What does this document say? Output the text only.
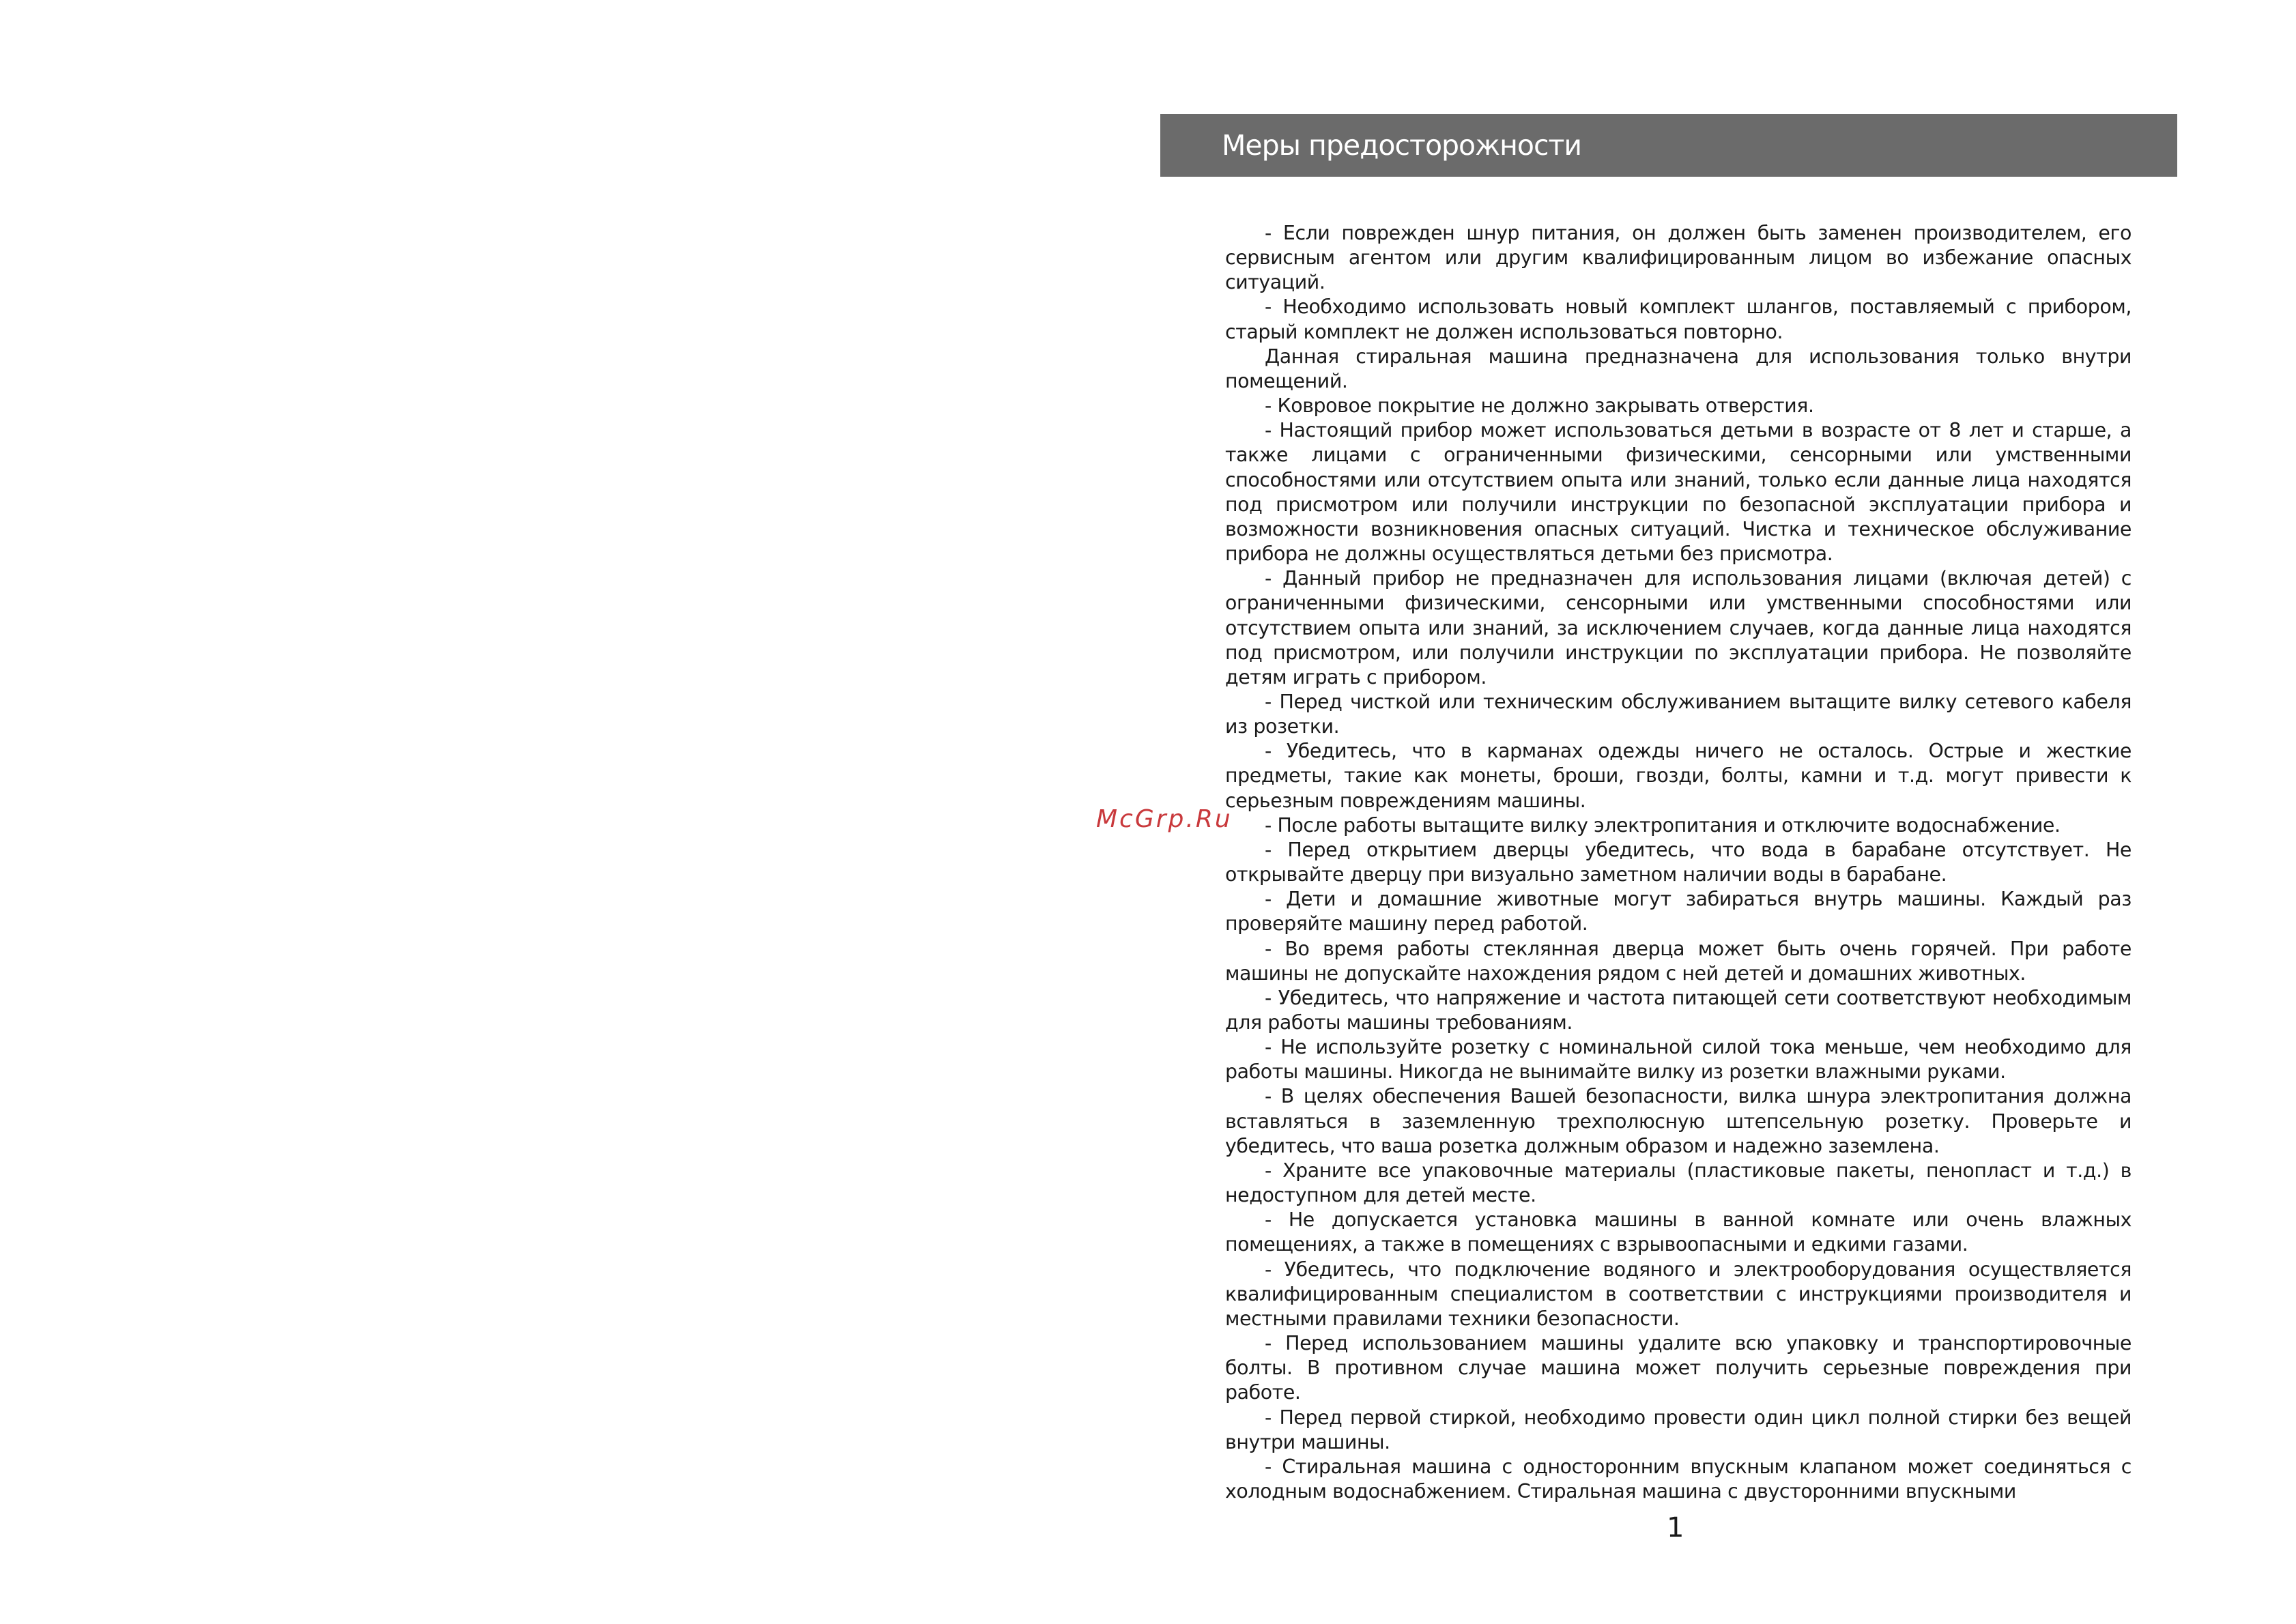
Меры предосторожности
McGrp.Ru

- Если поврежден шнур питания, он должен быть заменен производителем, его сервисным агентом или другим квалифицированным лицом во избежание опасных ситуаций.

- Необходимо использовать новый комплект шлангов, поставляемый с прибором, старый комплект не должен использоваться повторно.

Данная стиральная машина предназначена для использования только внутри помещений.

- Ковровое покрытие не должно закрывать отверстия.

- Настоящий прибор может использоваться детьми в возрасте от 8 лет и старше, а также лицами с ограниченными физическими, сенсорными или умственными способностями или отсутствием опыта или знаний, только если данные лица находятся под присмотром или получили инструкции по безопасной эксплуатации прибора и возможности возникновения опасных ситуаций. Чистка и техническое обслуживание прибора не должны осуществляться детьми без присмотра.

- Данный прибор не предназначен для использования лицами (включая детей) с ограниченными физическими, сенсорными или умственными способностями или отсутствием опыта или знаний, за исключением случаев, когда данные лица находятся под присмотром, или получили инструкции по эксплуатации прибора. Не позволяйте детям играть с прибором.

- Перед чисткой или техническим обслуживанием вытащите вилку сетевого кабеля из розетки.

- Убедитесь, что в карманах одежды ничего не осталось. Острые и жесткие предметы, такие как монеты, броши, гвозди, болты, камни и т.д. могут привести к серьезным повреждениям машины.

- После работы вытащите вилку электропитания и отключите водоснабжение.

- Перед открытием дверцы убедитесь, что вода в барабане отсутствует. Не открывайте дверцу при визуально заметном наличии воды в барабане.

- Дети и домашние животные могут забираться внутрь машины. Каждый раз проверяйте машину перед работой.

- Во время работы стеклянная дверца может быть очень горячей. При работе машины не допускайте нахождения рядом с ней детей и домашних животных.

- Убедитесь, что напряжение и частота питающей сети соответствуют необходимым для работы машины требованиям.

- Не используйте розетку с номинальной силой тока меньше, чем необходимо для работы машины. Никогда не вынимайте вилку из розетки влажными руками.

- В целях обеспечения Вашей безопасности, вилка шнура электропитания должна вставляться в заземленную трехполюсную штепсельную розетку. Проверьте и убедитесь, что ваша розетка должным образом и надежно заземлена.

- Храните все упаковочные материалы (пластиковые пакеты, пенопласт и т.д.) в недоступном для детей месте.

- Не допускается установка машины в ванной комнате или очень влажных помещениях, а также в помещениях с взрывоопасными и едкими газами.

- Убедитесь, что подключение водяного и электрооборудования осуществляется квалифицированным специалистом в соответствии с инструкциями производителя и местными правилами техники безопасности.

- Перед использованием машины удалите всю упаковку и транспортировочные болты. В противном случае машина может получить серьезные повреждения при работе.

- Перед первой стиркой, необходимо провести один цикл полной стирки без вещей внутри машины.

- Стиральная машина с односторонним впускным клапаном может соединяться с холодным водоснабжением. Стиральная машина с двусторонними впускными

1
